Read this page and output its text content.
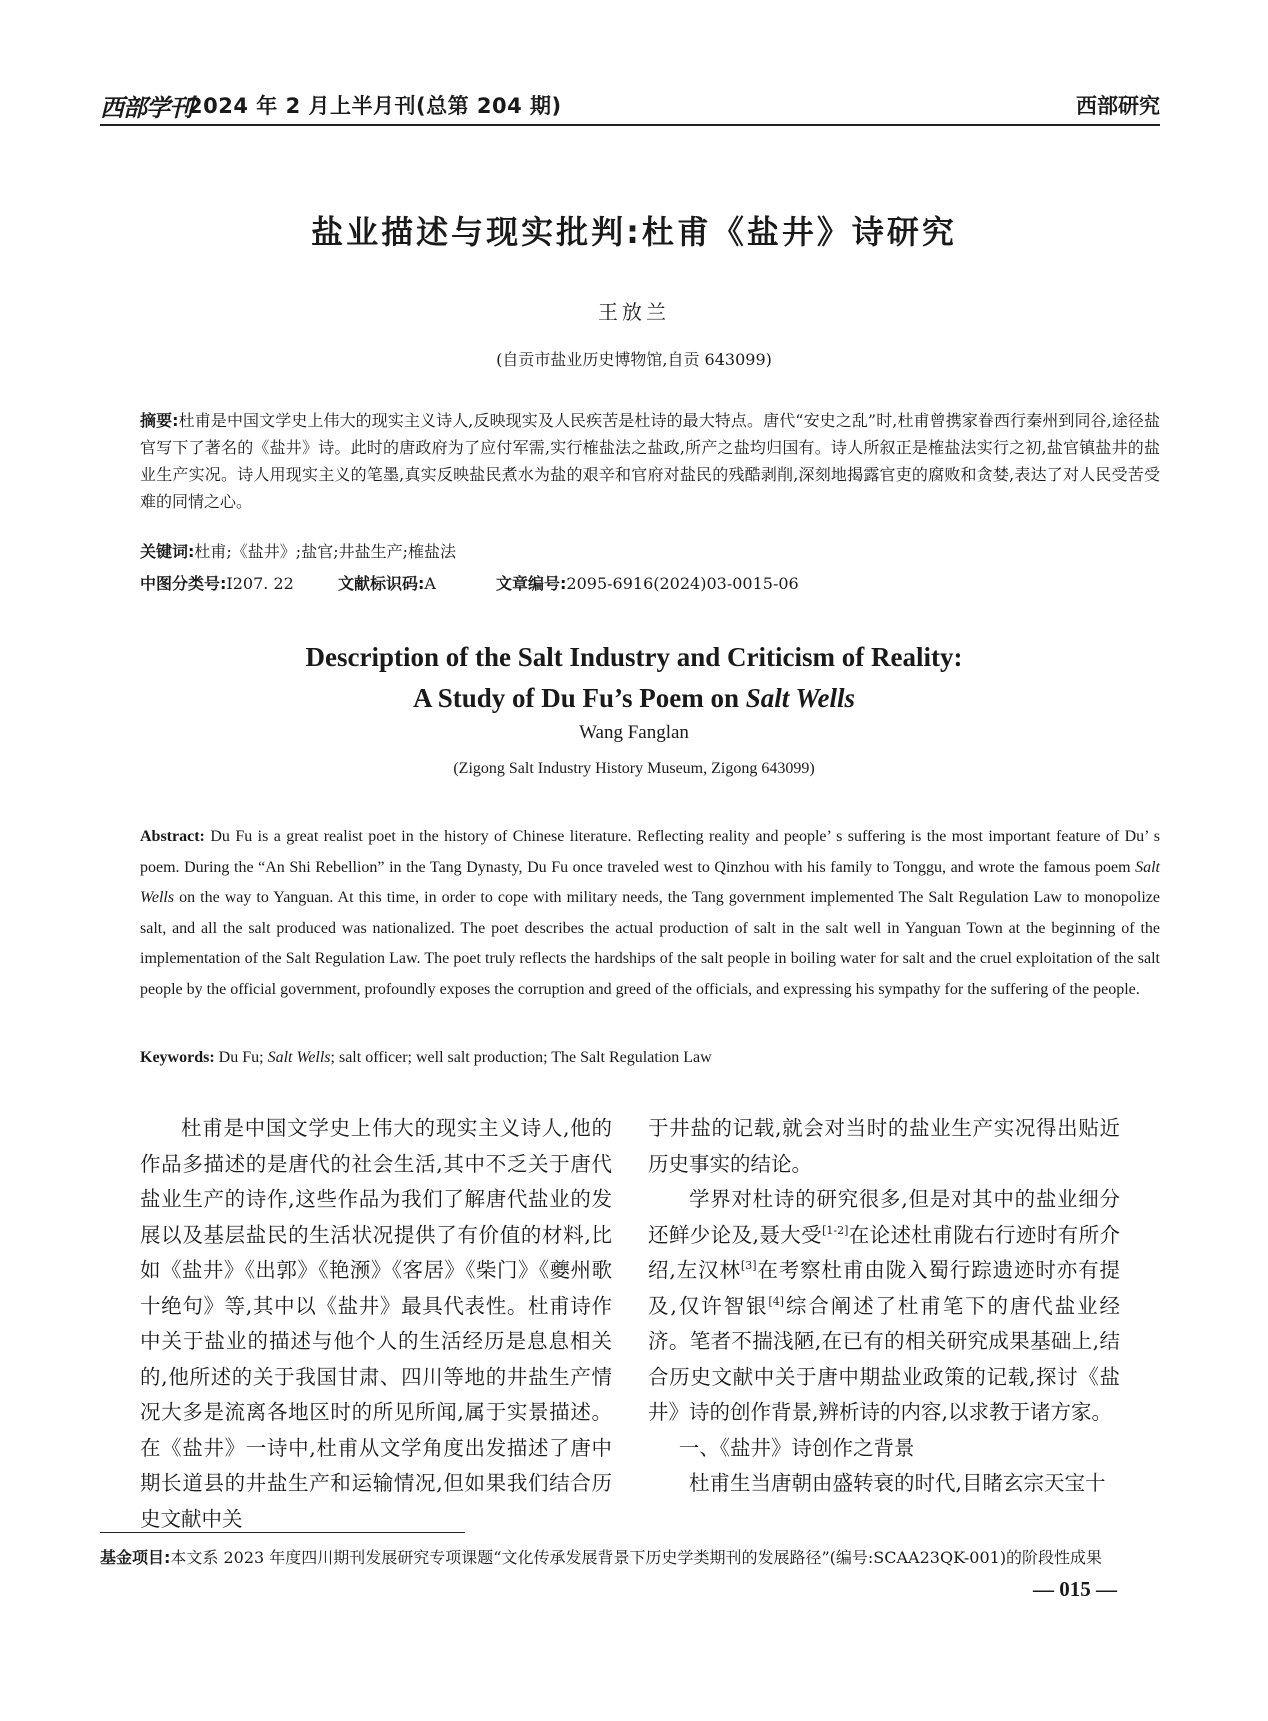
西部学刊
2024 年 2 月上半月刊(总第 204 期)	西部研究
盐业描述与现实批判:杜甫《盐井》诗研究
王放兰
(自贡市盐业历史博物馆,自贡 643099)
摘要:杜甫是中国文学史上伟大的现实主义诗人,反映现实及人民疾苦是杜诗的最大特点。唐代“安史之乱”时,杜甫曾携家眷西行秦州到同谷,途径盐官写下了著名的《盐井》诗。此时的唐政府为了应付军需,实行榷盐法之盐政,所产之盐均归国有。诗人所叙正是榷盐法实行之初,盐官镇盐井的盐业生产实况。诗人用现实主义的笔墨,真实反映盐民煮水为盐的艰辛和官府对盐民的残酷剥削,深刻地揭露官吏的腐败和贪婪,表达了对人民受苦受难的同情之心。
关键词:杜甫;《盐井》;盐官;井盐生产;榷盐法
中图分类号:I207. 22	文献标识码:A	文章编号:2095-6916(2024)03-0015-06
Description of the Salt Industry and Criticism of Reality:
A Study of Du Fu’s Poem on Salt Wells
Wang Fanglan
(Zigong Salt Industry History Museum, Zigong 643099)
Abstract: Du Fu is a great realist poet in the history of Chinese literature. Reflecting reality and people’ s suffering is the most important feature of Du’ s poem. During the “An Shi Rebellion” in the Tang Dynasty, Du Fu once traveled west to Qinzhou with his family to Tonggu, and wrote the famous poem Salt Wells on the way to Yanguan. At this time, in order to cope with military needs, the Tang government implemented The Salt Regulation Law to monopolize salt, and all the salt produced was nationalized. The poet describes the actual production of salt in the salt well in Yanguan Town at the beginning of the implementation of the Salt Regulation Law. The poet truly reflects the hardships of the salt people in boiling water for salt and the cruel exploitation of the salt people by the official government, profoundly exposes the corruption and greed of the officials, and expressing his sympathy for the suffering of the people.
Keywords: Du Fu; Salt Wells; salt officer; well salt production; The Salt Regulation Law

杜甫是中国文学史上伟大的现实主义诗人,他的作品多描述的是唐代的社会生活,其中不乏关于唐代盐业生产的诗作,这些作品为我们了解唐代盐业的发展以及基层盐民的生活状况提供了有价值的材料,比如《盐井》《出郭》《艳滪》《客居》《柴门》《夔州歌十绝句》等,其中以《盐井》最具代表性。杜甫诗作中关于盐业的描述与他个人的生活经历是息息相关的,他所述的关于我国甘肃、四川等地的井盐生产情况大多是流离各地区时的所见所闻,属于实景描述。在《盐井》一诗中,杜甫从文学角度出发描述了唐中期长道县的井盐生产和运输情况,但如果我们结合历史文献中关

于井盐的记载,就会对当时的盐业生产实况得出贴近历史事实的结论。

学界对杜诗的研究很多,但是对其中的盐业细分还鲜少论及,聂大受[1-2]在论述杜甫陇右行迹时有所介绍,左汉林[3]在考察杜甫由陇入蜀行踪遗迹时亦有提及,仅许智银[4]综合阐述了杜甫笔下的唐代盐业经济。笔者不揣浅陋,在已有的相关研究成果基础上,结合历史文献中关于唐中期盐业政策的记载,探讨《盐井》诗的创作背景,辨析诗的内容,以求教于诸方家。

一、《盐井》诗创作之背景

杜甫生当唐朝由盛转衰的时代,目睹玄宗天宝十

基金项目:本文系 2023 年度四川期刊发展研究专项课题“文化传承发展背景下历史学类期刊的发展路径”(编号:SCAA23QK-001)的阶段性成果
— 015 —
